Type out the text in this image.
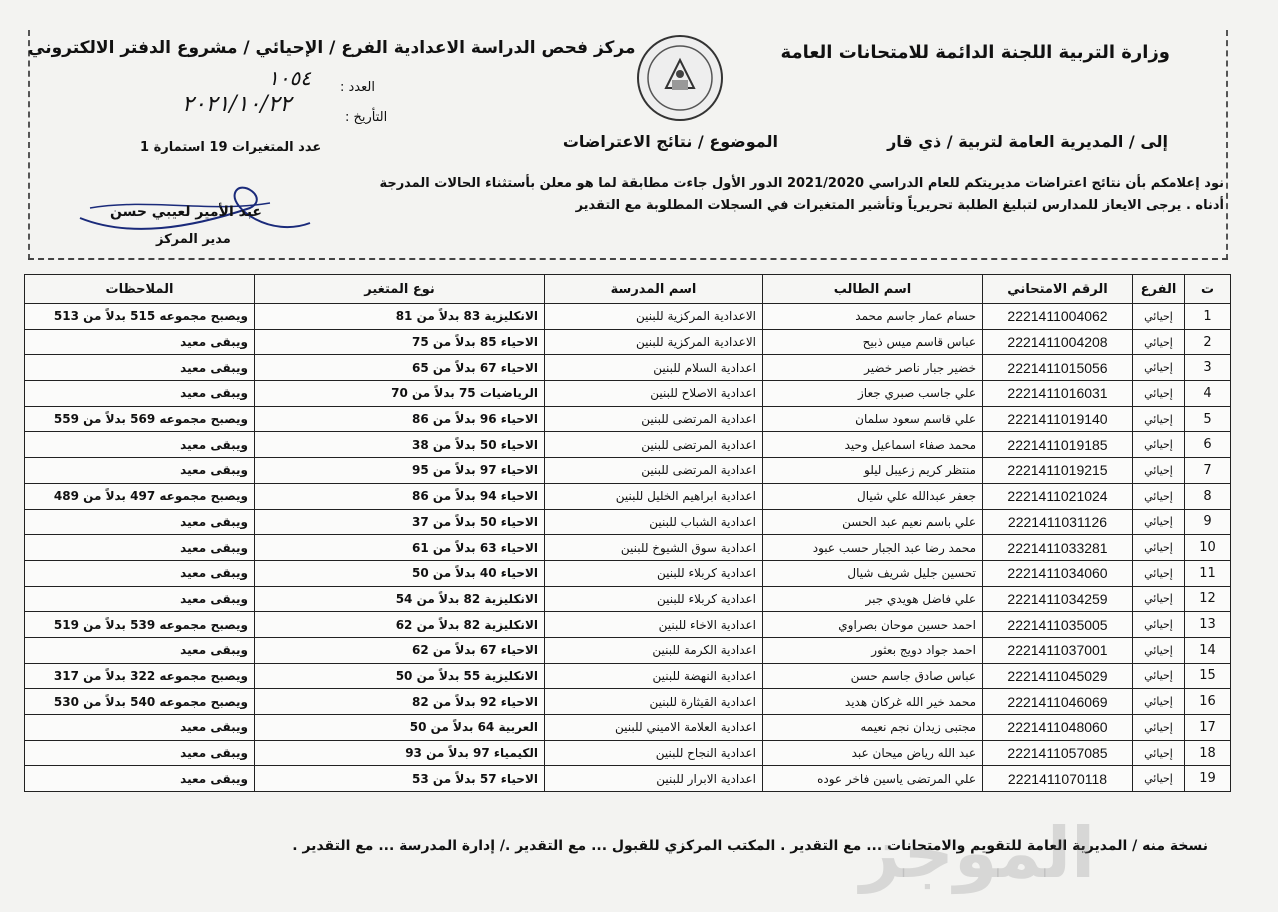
وزارة التربية اللجنة الدائمة للامتحانات العامة
مركز فحص الدراسة الاعدادية الفرع / الإحيائي / مشروع الدفتر الالكتروني
العدد :
١٠٥٤
التأريخ :
٢٠٢١/١٠/٢٢
إلى / المديرية العامة لتربية / ذي قار
الموضوع / نتائج الاعتراضات
عدد المتغيرات 19 استمارة 1
نود إعلامكم بأن نتائج اعتراضات مديريتكم للعام الدراسي 2021/2020 الدور الأول جاءت مطابقة لما هو معلن بأستثناء الحالات المدرجة
أدناه . يرجى الايعاز للمدارس لتبليغ الطلبة تحريرياً وتأشير المتغيرات في السجلات المطلوبة مع التقدير
عبد الأمير لعيبي حسن
مدير المركز
ت	الفرع	الرقم الامتحاني	اسم الطالب	اسم المدرسة	نوع المتغير	الملاحظات
1	إحيائي	2221411004062	حسام عمار جاسم محمد	الاعدادية المركزية للبنين	الانكليزية 83 بدلاً من 81	ويصبح مجموعه 515 بدلاً من 513
2	إحيائي	2221411004208	عباس قاسم ميس ذبيح	الاعدادية المركزية للبنين	الاحياء 85 بدلاً من 75	ويبقى معيد
3	إحيائي	2221411015056	خضير جبار ناصر خضير	اعدادية السلام للبنين	الاحياء 67 بدلاً من 65	ويبقى معيد
4	إحيائي	2221411016031	علي جاسب صبري جعاز	اعدادية الاصلاح للبنين	الرياضيات 75 بدلاً من 70	ويبقى معيد
5	إحيائي	2221411019140	علي قاسم سعود سلمان	اعدادية المرتضى للبنين	الاحياء 96 بدلاً من 86	ويصبح مجموعه 569 بدلاً من 559
6	إحيائي	2221411019185	محمد صفاء اسماعيل وحيد	اعدادية المرتضى للبنين	الاحياء 50 بدلاً من 38	ويبقى معيد
7	إحيائي	2221411019215	منتظر كريم زعيبل ليلو	اعدادية المرتضى للبنين	الاحياء 97 بدلاً من 95	ويبقى معيد
8	إحيائي	2221411021024	جعفر عبدالله علي شيال	اعدادية ابراهيم الخليل للبنين	الاحياء 94 بدلاً من 86	ويصبح مجموعه 497 بدلاً من 489
9	إحيائي	2221411031126	علي باسم نعيم عبد الحسن	اعدادية الشباب للبنين	الاحياء 50 بدلاً من 37	ويبقى معيد
10	إحيائي	2221411033281	محمد رضا عبد الجبار حسب عبود	اعدادية سوق الشيوخ للبنين	الاحياء 63 بدلاً من 61	ويبقى معيد
11	إحيائي	2221411034060	تحسين جليل شريف شيال	اعدادية كربلاء للبنين	الاحياء 40 بدلاً من 50	ويبقى معيد
12	إحيائي	2221411034259	علي فاضل هويدي جبر	اعدادية كربلاء للبنين	الانكليزية 82 بدلاً من 54	ويبقى معيد
13	إحيائي	2221411035005	احمد حسين موحان بصراوي	اعدادية الاخاء للبنين	الانكليزية 82 بدلاً من 62	ويصبح مجموعه 539 بدلاً من 519
14	إحيائي	2221411037001	احمد جواد دويج بعثور	اعدادية الكرمة للبنين	الاحياء 67 بدلاً من 62	ويبقى معيد
15	إحيائي	2221411045029	عباس صادق جاسم حسن	اعدادية النهضة للبنين	الانكليزية 55 بدلاً من 50	ويصبح مجموعه 322 بدلاً من 317
16	إحيائي	2221411046069	محمد خير الله غركان هديد	اعدادية القيثارة للبنين	الاحياء 92 بدلاً من 82	ويصبح مجموعه 540 بدلاً من 530
17	إحيائي	2221411048060	مجتبى زيدان نجم نعيمه	اعدادية العلامة الاميني للبنين	العربية 64 بدلاً من 50	ويبقى معيد
18	إحيائي	2221411057085	عبد الله رياض ميحان عبد	اعدادية النجاح للبنين	الكيمياء 97 بدلاً من 93	ويبقى معيد
19	إحيائي	2221411070118	علي المرتضى ياسين فاخر عوده	اعدادية الابرار للبنين	الاحياء 57 بدلاً من 53	ويبقى معيد
نسخة منه / المديرية العامة للتقويم والامتحانات ... مع التقدير . المكتب المركزي للقبول ... مع التقدير ./ إدارة المدرسة ... مع التقدير .
الموجز
